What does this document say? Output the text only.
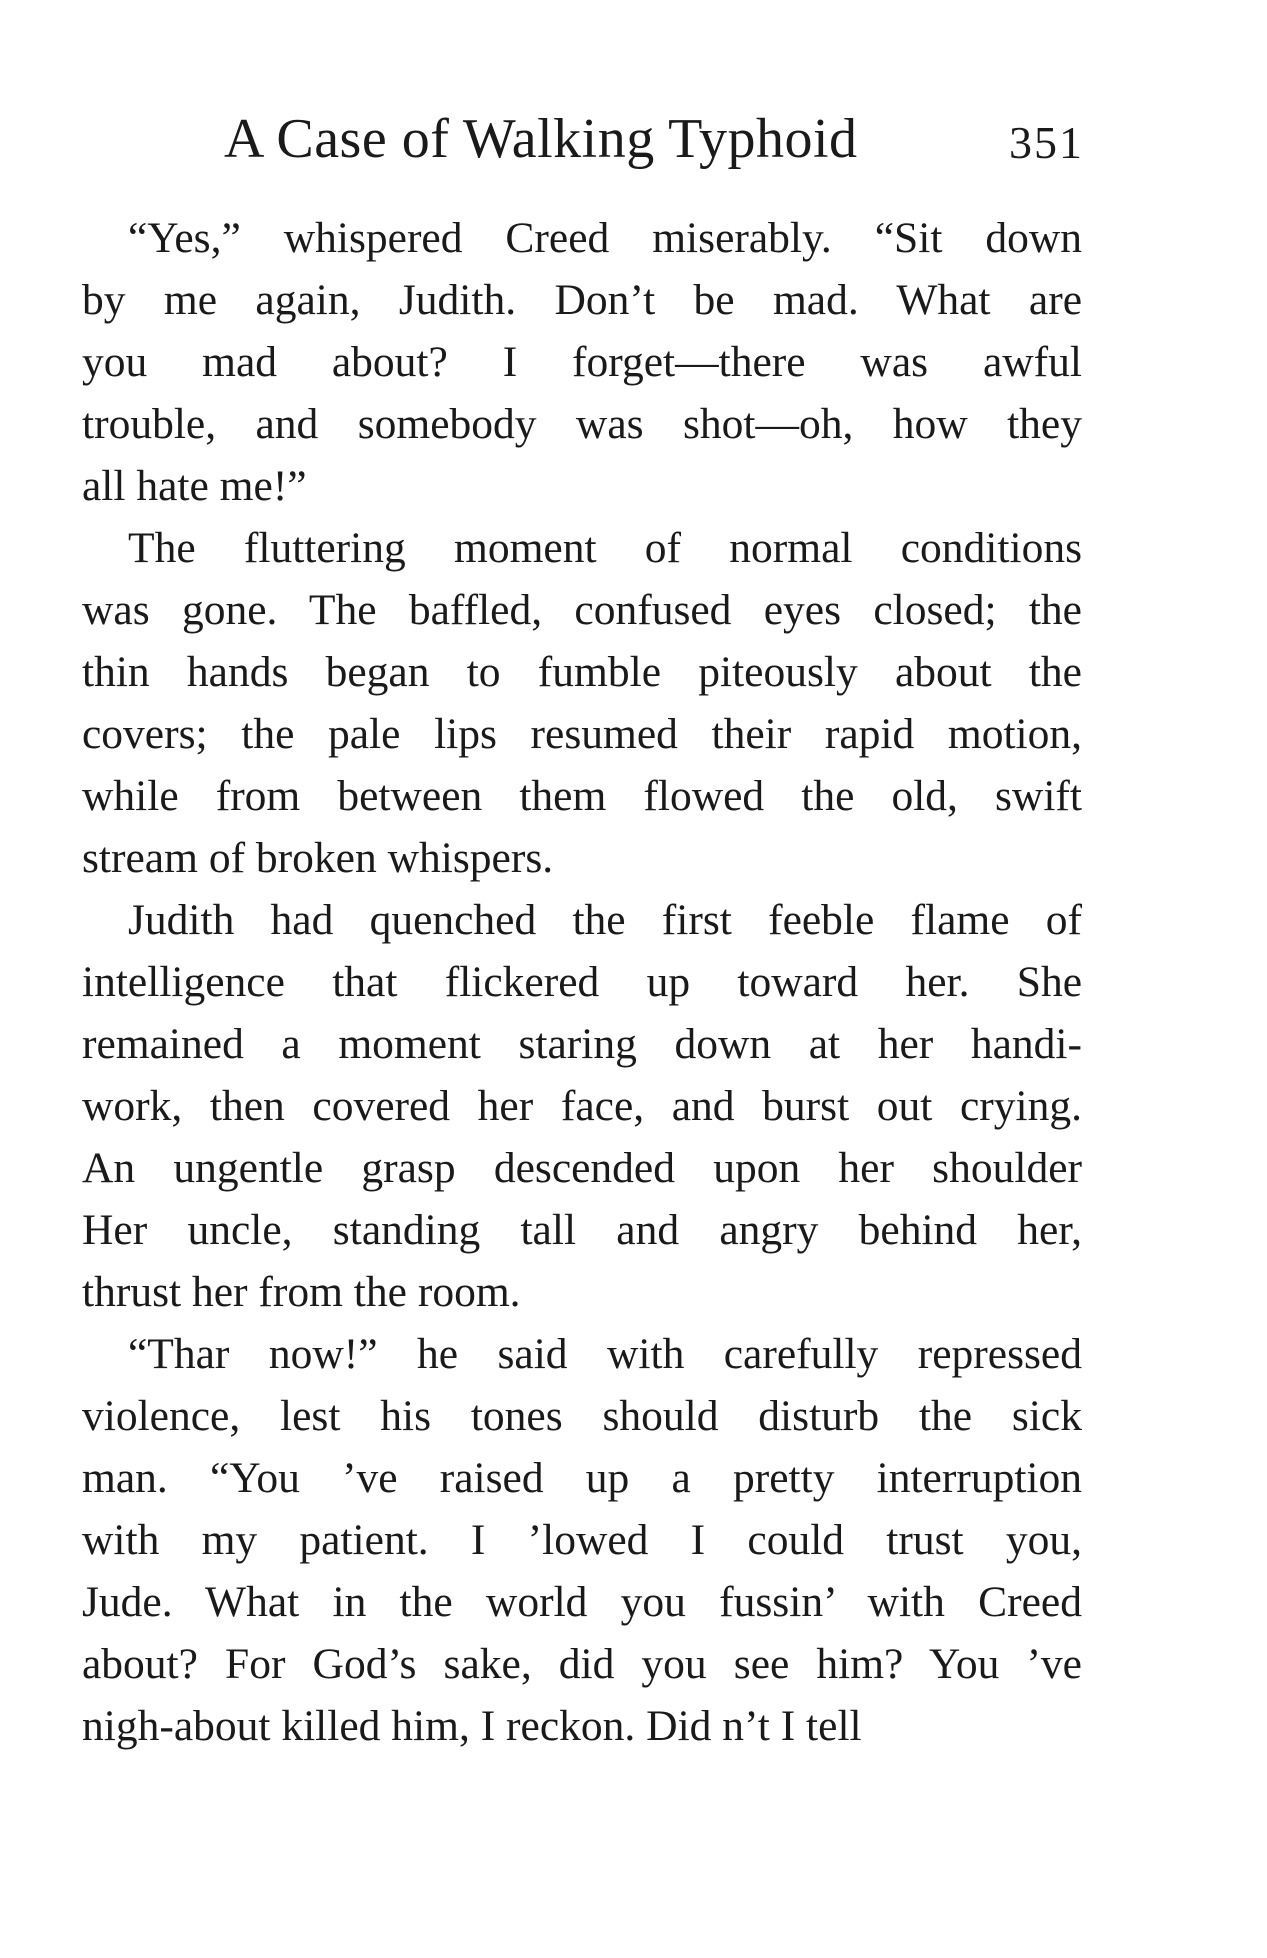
A Case of Walking Typhoid	351
“Yes,” whispered Creed miserably. “Sit down
by me again, Judith. Don’t be mad. What are
you mad about? I forget—there was awful
trouble, and somebody was shot—oh, how they
all hate me!”
The fluttering moment of normal conditions
was gone. The baffled, confused eyes closed; the
thin hands began to fumble piteously about the
covers; the pale lips resumed their rapid motion,
while from between them flowed the old, swift
stream of broken whispers.
Judith had quenched the first feeble flame of
intelligence that flickered up toward her. She
remained a moment staring down at her handi-
work, then covered her face, and burst out crying.
An ungentle grasp descended upon her shoulder
Her uncle, standing tall and angry behind her,
thrust her from the room.
“Thar now!” he said with carefully repressed
violence, lest his tones should disturb the sick
man. “You ’ve raised up a pretty interruption
with my patient. I ’lowed I could trust you,
Jude. What in the world you fussin’ with Creed
about? For God’s sake, did you see him? You ’ve
nigh-about killed him, I reckon. Did n’t I tell
